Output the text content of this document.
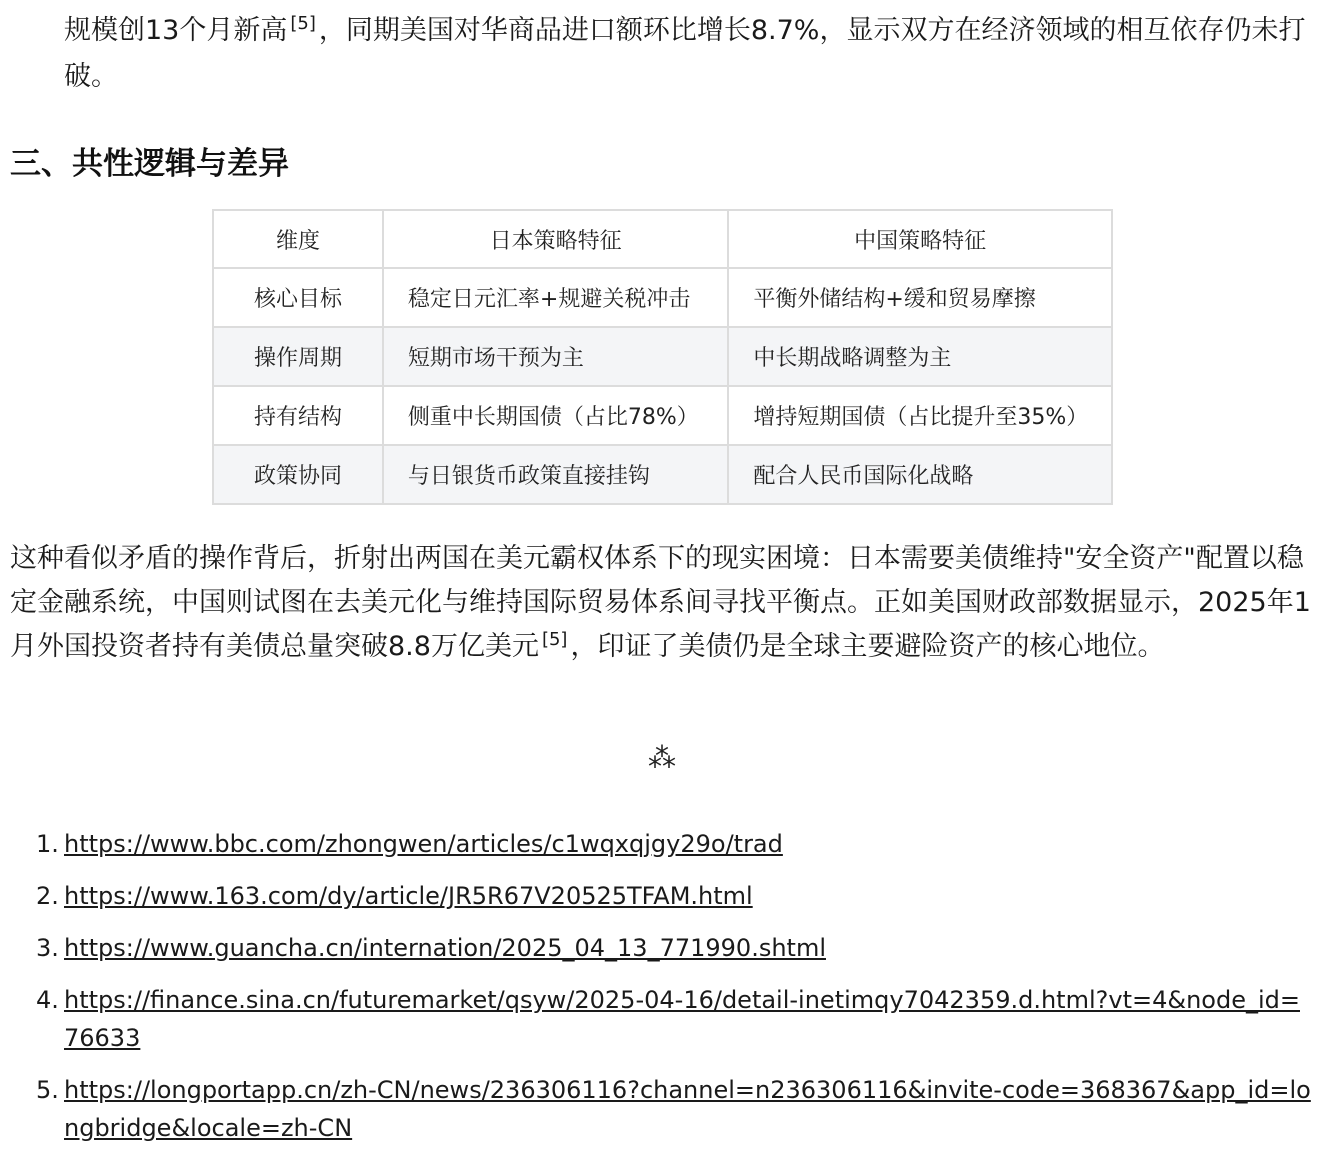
规模创13个月新高 [5] ，同期美国对华商品进口额环比增长8.7%，显示双方在经济领域的相互依存仍未打破。

三、共性逻辑与差异
维度	日本策略特征	中国策略特征
核心目标	稳定日元汇率+规避关税冲击	平衡外储结构+缓和贸易摩擦
操作周期	短期市场干预为主	中长期战略调整为主
持有结构	侧重中长期国债（占比78%）	增持短期国债（占比提升至35%）
政策协同	与日银货币政策直接挂钩	配合人民币国际化战略

这种看似矛盾的操作背后，折射出两国在美元霸权体系下的现实困境：日本需要美债维持"安全资产"配置以稳定金融系统，中国则试图在去美元化与维持国际贸易体系间寻找平衡点。正如美国财政部数据显示，2025年1月外国投资者持有美债总量突破8.8万亿美元 [5] ，印证了美债仍是全球主要避险资产的核心地位。

⁂
1. https://www.bbc.com/zhongwen/articles/c1wqxqjgy29o/trad
2. https://www.163.com/dy/article/JR5R67V20525TFAM.html
3. https://www.guancha.cn/internation/2025_04_13_771990.shtml
4. https://finance.sina.cn/futuremarket/qsyw/2025-04-16/detail-inetimqy7042359.d.html?vt=4&node_id=76633
5. https://longportapp.cn/zh-CN/news/236306116?channel=n236306116&invite-code=368367&app_id=longbridge&locale=zh-CN
